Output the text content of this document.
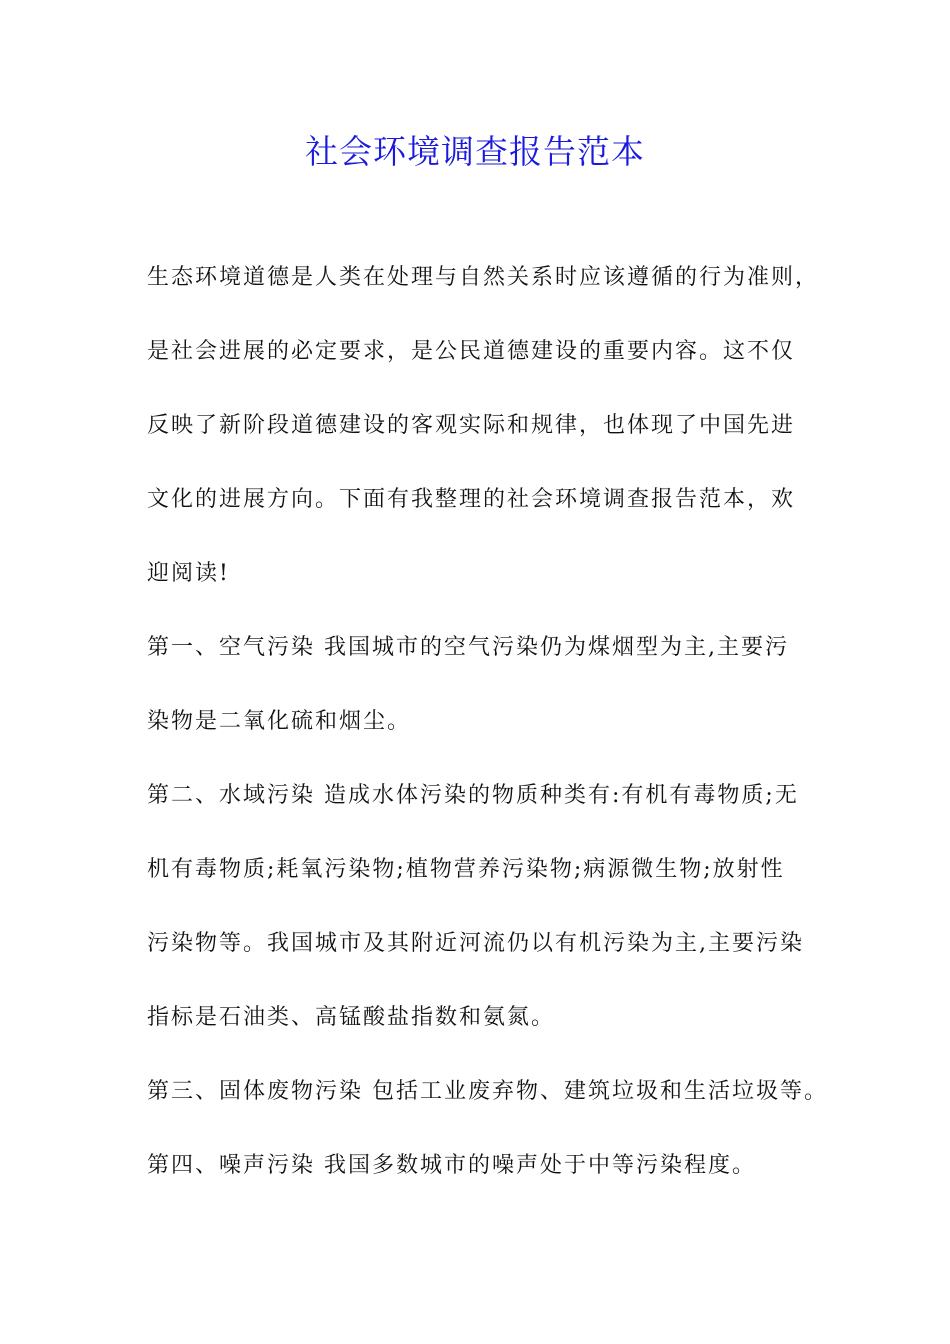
社会环境调查报告范本
生态环境道德是人类在处理与自然关系时应该遵循的行为准则，
是社会进展的必定要求，是公民道德建设的重要内容。这不仅
反映了新阶段道德建设的客观实际和规律，也体现了中国先进
文化的进展方向。下面有我整理的社会环境调查报告范本，欢
迎阅读!
第一、空气污染 我国城市的空气污染仍为煤烟型为主,主要污
染物是二氧化硫和烟尘。
第二、水域污染 造成水体污染的物质种类有:有机有毒物质;无
机有毒物质;耗氧污染物;植物营养污染物;病源微生物;放射性
污染物等。我国城市及其附近河流仍以有机污染为主,主要污染
指标是石油类、高锰酸盐指数和氨氮。
第三、固体废物污染 包括工业废弃物、建筑垃圾和生活垃圾等。
第四、噪声污染 我国多数城市的噪声处于中等污染程度。
